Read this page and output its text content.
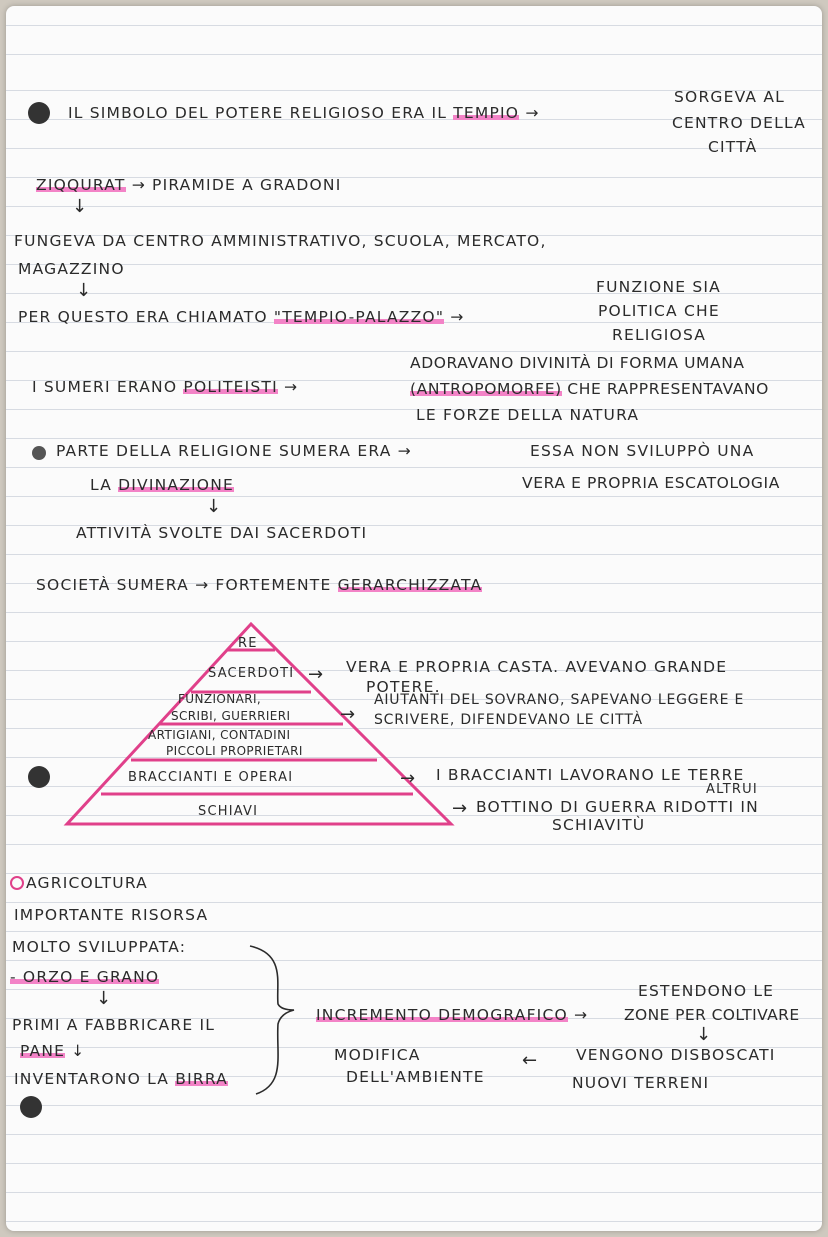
IL SIMBOLO DEL POTERE RELIGIOSO ERA IL TEMPIO →
SORGEVA AL
CENTRO DELLA
CITTÀ
ZIQQURAT → PIRAMIDE A GRADONI
↓
FUNGEVA DA CENTRO AMMINISTRATIVO, SCUOLA, MERCATO,
MAGAZZINO
↓
PER QUESTO ERA CHIAMATO "TEMPIO-PALAZZO" →
FUNZIONE SIA
POLITICA CHE
RELIGIOSA
I SUMERI ERANO POLITEISTI →
ADORAVANO DIVINITÀ DI FORMA UMANA
(ANTROPOMORFE) CHE RAPPRESENTAVANO
LE FORZE DELLA NATURA
PARTE DELLA RELIGIONE SUMERA ERA →
LA DIVINAZIONE
ESSA NON SVILUPPÒ UNA
VERA E PROPRIA ESCATOLOGIA
↓
ATTIVITÀ SVOLTE DAI SACERDOTI
SOCIETÀ SUMERA → FORTEMENTE GERARCHIZZATA
RE
SACERDOTI
FUNZIONARI,
SCRIBI, GUERRIERI
ARTIGIANI, CONTADINI
PICCOLI PROPRIETARI
BRACCIANTI E OPERAI
SCHIAVI
→ VERA E PROPRIA CASTA. AVEVANO GRANDE
POTERE.
→
AIUTANTI DEL SOVRANO, SAPEVANO LEGGERE E
SCRIVERE, DIFENDEVANO LE CITTÀ
→ I BRACCIANTI LAVORANO LE TERRE
ALTRUI
→ BOTTINO DI GUERRA RIDOTTI IN
SCHIAVITÙ
AGRICOLTURA
IMPORTANTE RISORSA
MOLTO SVILUPPATA:
- ORZO E GRANO
↓
PRIMI A FABBRICARE IL
PANE ↓
INVENTARONO LA BIRRA
INCREMENTO DEMOGRAFICO →
ESTENDONO LE
ZONE PER COLTIVARE
↓
VENGONO DISBOSCATI
NUOVI TERRENI
←
MODIFICA
DELL'AMBIENTE
